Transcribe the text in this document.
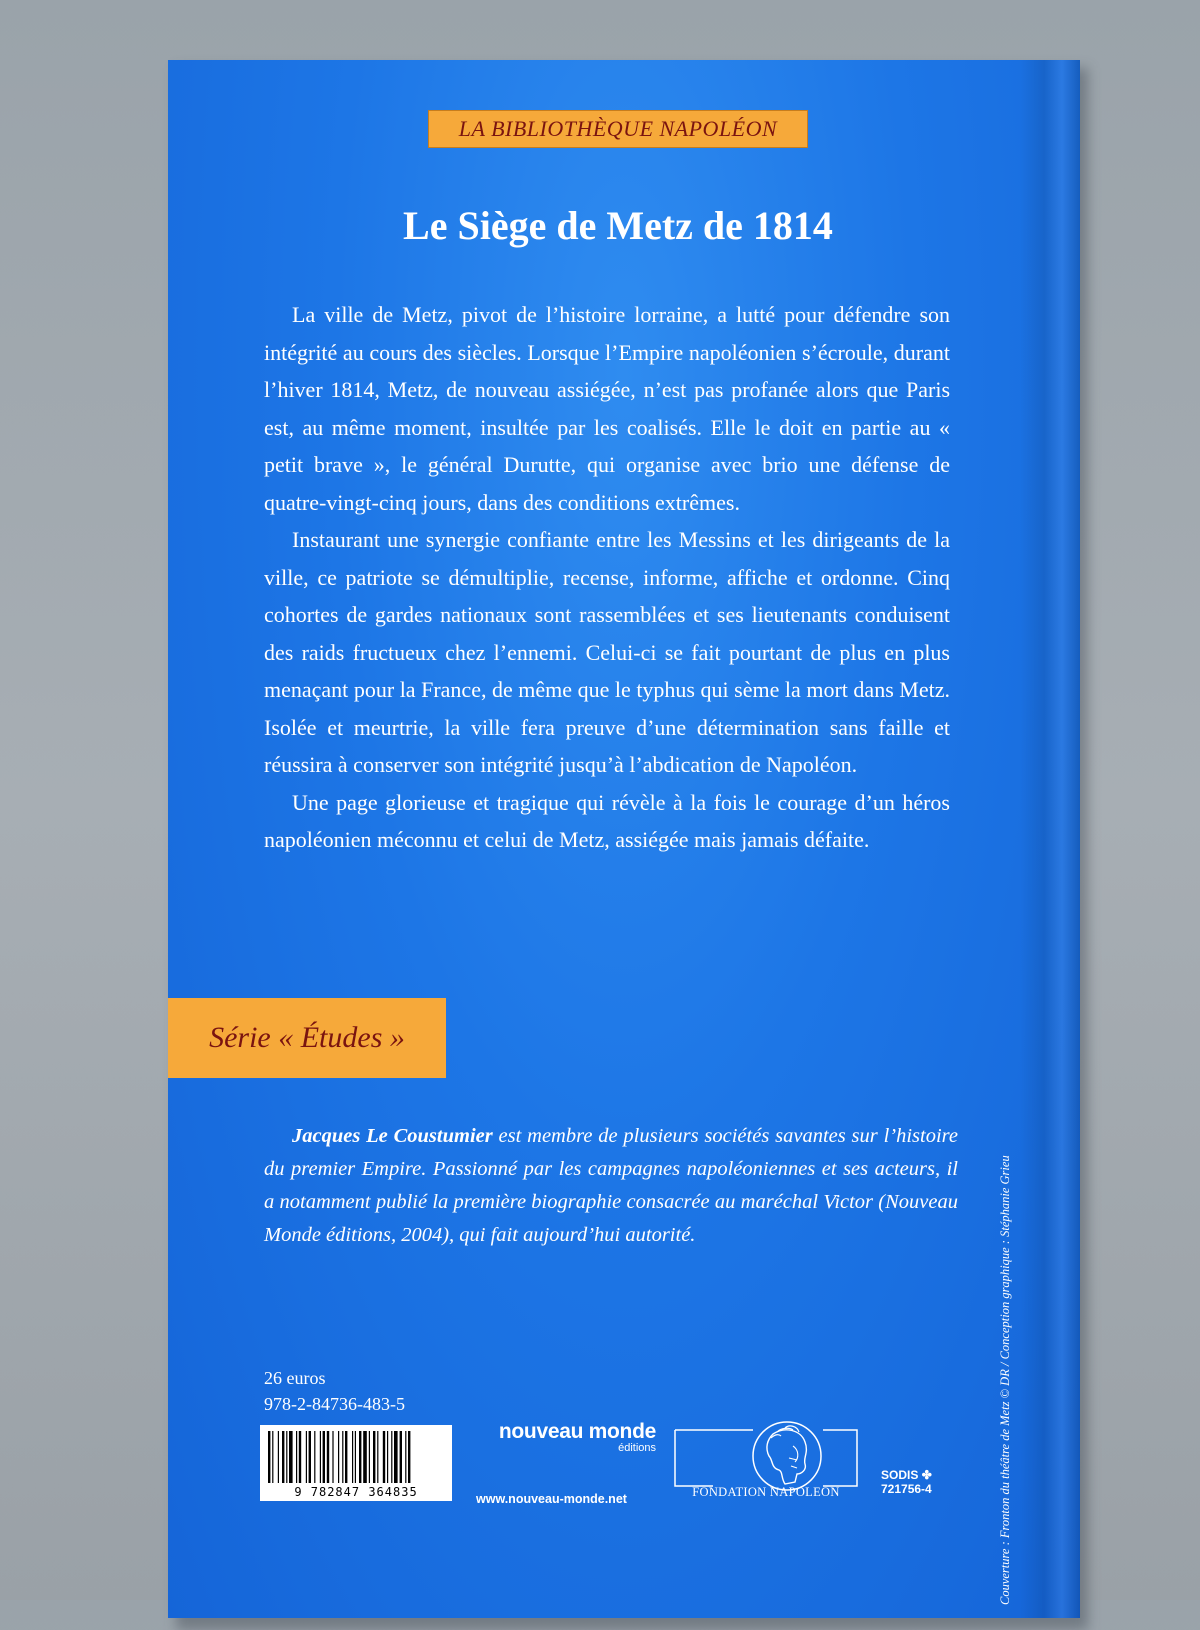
LA BIBLIOTHÈQUE NAPOLÉON
Le Siège de Metz de 1814

La ville de Metz, pivot de l’histoire lorraine, a lutté pour défendre son intégrité au cours des siècles. Lorsque l’Empire napoléonien s’écroule, durant l’hiver 1814, Metz, de nouveau assiégée, n’est pas profanée alors que Paris est, au même moment, insultée par les coalisés. Elle le doit en partie au « petit brave », le général Durutte, qui organise avec brio une défense de quatre-vingt-cinq jours, dans des conditions extrêmes.

Instaurant une synergie confiante entre les Messins et les dirigeants de la ville, ce patriote se démultiplie, recense, informe, affiche et ordonne. Cinq cohortes de gardes nationaux sont rassemblées et ses lieutenants conduisent des raids fructueux chez l’ennemi. Celui-ci se fait pourtant de plus en plus menaçant pour la France, de même que le typhus qui sème la mort dans Metz. Isolée et meurtrie, la ville fera preuve d’une détermination sans faille et réussira à conserver son intégrité jusqu’à l’abdication de Napoléon.

Une page glorieuse et tragique qui révèle à la fois le courage d’un héros napoléonien méconnu et celui de Metz, assiégée mais jamais défaite.

Série « Études »
Jacques Le Coustumier est membre de plusieurs sociétés savantes sur l’histoire du premier Empire. Passionné par les campagnes napoléoniennes et ses acteurs, il a notamment publié la première biographie consacrée au maréchal Victor (Nouveau Monde éditions, 2004), qui fait aujourd’hui autorité.
26 euros
978-2-84736-483-5
9 782847 364835
nouveau monde
éditions
www.nouveau-monde.net	FONDATION NAPOLEON
SODIS ✤
721756-4	Couverture : Fronton du théâtre de Metz © DR / Conception graphique : Stéphanie Grieu
